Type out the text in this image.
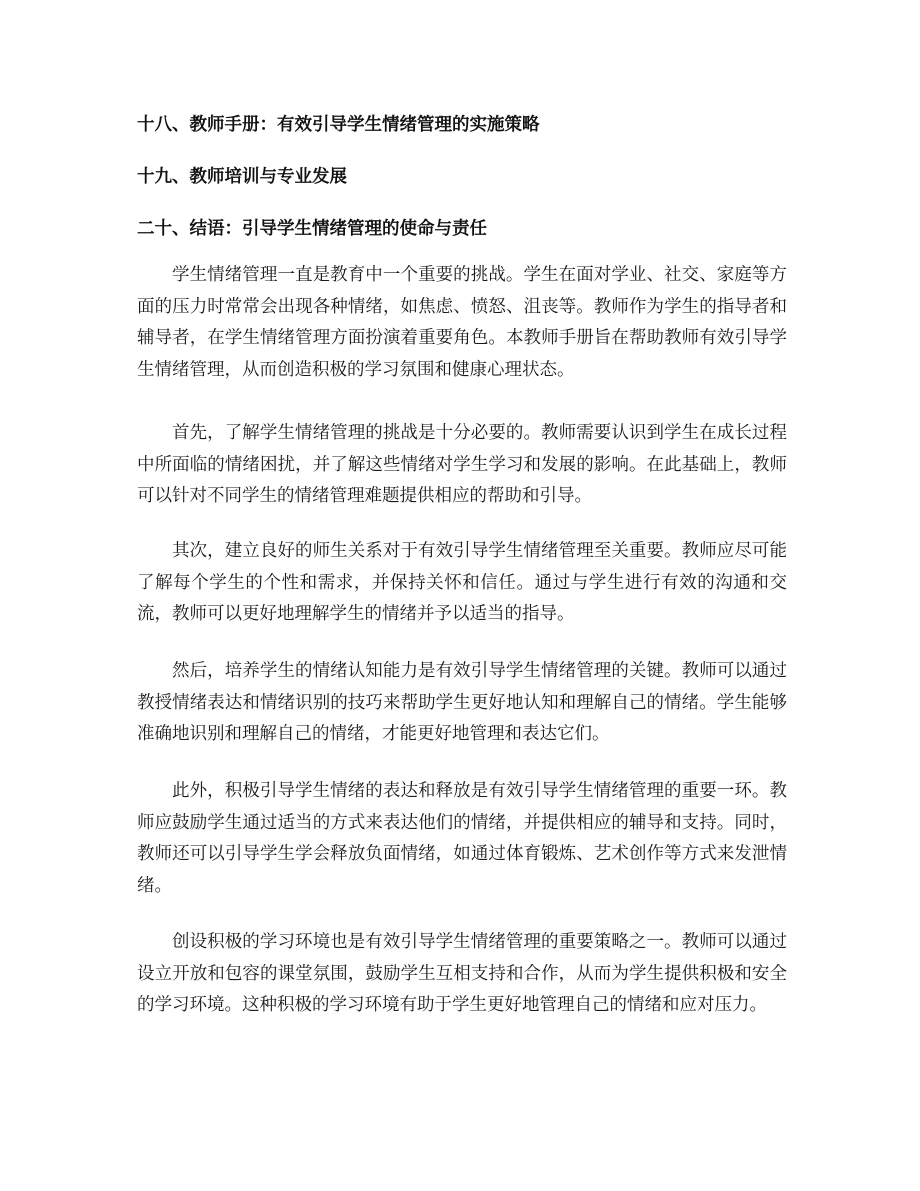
十八、教师手册：有效引导学生情绪管理的实施策略
十九、教师培训与专业发展
二十、结语：引导学生情绪管理的使命与责任

学生情绪管理一直是教育中一个重要的挑战。学生在面对学业、社交、家庭等方面的压力时常常会出现各种情绪，如焦虑、愤怒、沮丧等。教师作为学生的指导者和辅导者，在学生情绪管理方面扮演着重要角色。本教师手册旨在帮助教师有效引导学生情绪管理，从而创造积极的学习氛围和健康心理状态。

首先，了解学生情绪管理的挑战是十分必要的。教师需要认识到学生在成长过程中所面临的情绪困扰，并了解这些情绪对学生学习和发展的影响。在此基础上，教师可以针对不同学生的情绪管理难题提供相应的帮助和引导。

其次，建立良好的师生关系对于有效引导学生情绪管理至关重要。教师应尽可能了解每个学生的个性和需求，并保持关怀和信任。通过与学生进行有效的沟通和交流，教师可以更好地理解学生的情绪并予以适当的指导。

然后，培养学生的情绪认知能力是有效引导学生情绪管理的关键。教师可以通过教授情绪表达和情绪识别的技巧来帮助学生更好地认知和理解自己的情绪。学生能够准确地识别和理解自己的情绪，才能更好地管理和表达它们。

此外，积极引导学生情绪的表达和释放是有效引导学生情绪管理的重要一环。教师应鼓励学生通过适当的方式来表达他们的情绪，并提供相应的辅导和支持。同时，教师还可以引导学生学会释放负面情绪，如通过体育锻炼、艺术创作等方式来发泄情绪。

创设积极的学习环境也是有效引导学生情绪管理的重要策略之一。教师可以通过设立开放和包容的课堂氛围，鼓励学生互相支持和合作，从而为学生提供积极和安全的学习环境。这种积极的学习环境有助于学生更好地管理自己的情绪和应对压力。
